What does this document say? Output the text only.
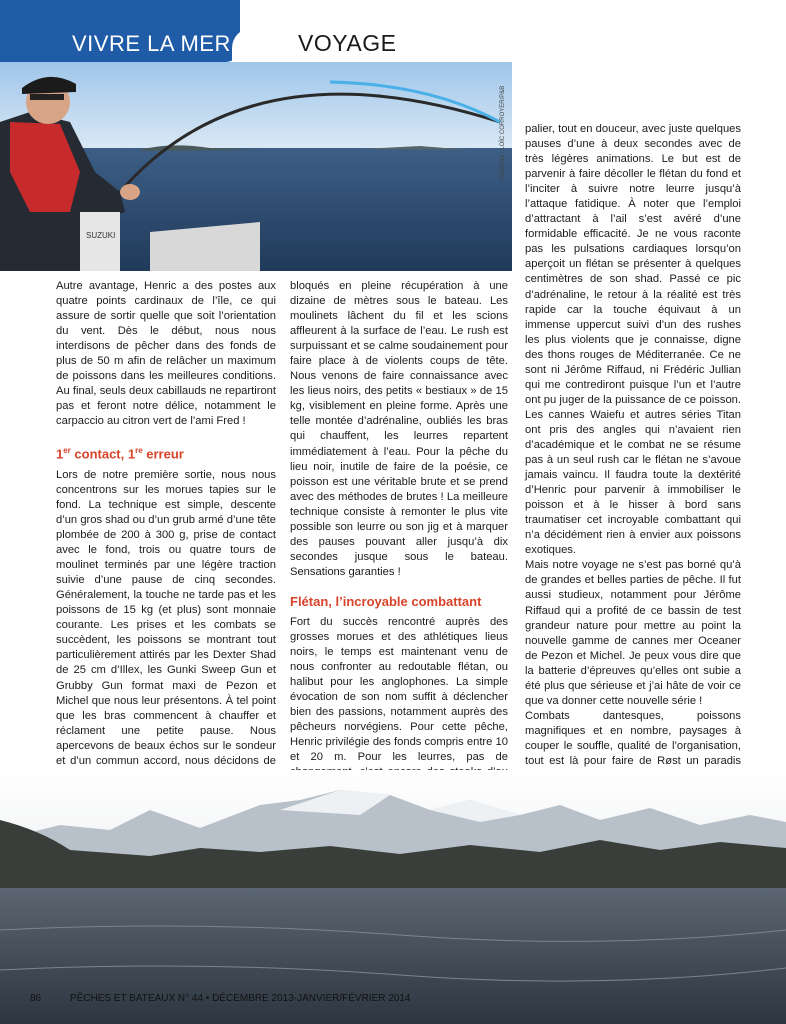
SUZUKI
PHOTOS : LOÏC CORROYER/P&B
VIVRE LA MER	VOYAGE

Autre avantage, Henric a des postes aux quatre points cardinaux de l’île, ce qui assure de sortir quelle que soit l’orientation du vent. Dès le début, nous nous interdisons de pêcher dans des fonds de plus de 50 m afin de relâcher un maximum de poissons dans les meilleures conditions. Au final, seuls deux cabillauds ne repartiront pas et feront notre délice, notamment le carpaccio au citron vert de l’ami Fred !

1er contact, 1re erreur

Lors de notre première sortie, nous nous concentrons sur les morues tapies sur le fond. La technique est simple, descente d’un gros shad ou d’un grub armé d’une tête plombée de 200 à 300 g, prise de contact avec le fond, trois ou quatre tours de moulinet terminés par une légère traction suivie d’une pause de cinq secondes. Généralement, la touche ne tarde pas et les poissons de 15 kg (et plus) sont monnaie courante. Les prises et les combats se succèdent, les poissons se montrant tout particulièrement attirés par les Dexter Shad de 25 cm d’Illex, les Gunki Sweep Gun et Grubby Gun format maxi de Pezon et Michel que nous leur présentons. À tel point que les bras commencent à chauffer et réclament une petite pause. Nous apercevons de beaux échos sur le sondeur et d’un commun accord, nous décidons de

bloqués en pleine récupération à une dizaine de mètres sous le bateau. Les moulinets lâchent du fil et les scions affleurent à la surface de l’eau. Le rush est surpuissant et se calme soudainement pour faire place à de violents coups de tête. Nous venons de faire connaissance avec les lieus noirs, des petits « bestiaux » de 15 kg, visiblement en pleine forme. Après une telle montée d’adrénaline, oubliés les bras qui chauffent, les leurres repartent immédiatement à l’eau. Pour la pêche du lieu noir, inutile de faire de la poésie, ce poisson est une véritable brute et se prend avec des méthodes de brutes ! La meilleure technique consiste à remonter le plus vite possible son leurre ou son jig et à marquer des pauses pouvant aller jusqu’à dix secondes jusque sous le bateau. Sensations garanties !

Flétan, l’incroyable combattant

Fort du succès rencontré auprès des grosses morues et des athlétiques lieus noirs, le temps est maintenant venu de nous confronter au redoutable flétan, ou halibut pour les anglophones. La simple évocation de son nom suffit à déclencher bien des passions, notamment auprès des pêcheurs norvégiens. Pour cette pêche, Henric privilégie des fonds compris entre 10 et 20 m. Pour les leurres, pas de

palier, tout en douceur, avec juste quelques pauses d’une à deux secondes avec de très légères animations. Le but est de parvenir à faire décoller le flétan du fond et l’inciter à suivre notre leurre jusqu’à l’attaque fatidique. À noter que l’emploi d’attractant à l’ail s’est avéré d’une formidable efficacité. Je ne vous raconte pas les pulsations cardiaques lorsqu’on aperçoit un flétan se présenter à quelques centimètres de son shad. Passé ce pic d’adrénaline, le retour à la réalité est très rapide car la touche équivaut à un immense uppercut suivi d’un des rushes les plus violents que je connaisse, digne des thons rouges de Méditerranée. Ce ne sont ni Jérôme Riffaud, ni Frédéric Jullian qui me contrediront puisque l’un et l’autre ont pu juger de la puissance de ce poisson. Les cannes Waiefu et autres séries Titan ont pris des angles qui n’avaient rien d’académique et le combat ne se résume pas à un seul rush car le flétan ne s’avoue jamais vaincu. Il faudra toute la dextérité d’Henric pour parvenir à immobiliser le poisson et à le hisser à bord sans traumatiser cet incroyable combattant qui n’a décidément rien à envier aux poissons exotiques.

Mais notre voyage ne s’est pas borné qu’à de grandes et belles parties de pêche. Il fut aussi studieux, notamment pour Jérôme Riffaud qui a profité de ce bassin de test grandeur nature pour mettre au point la nouvelle gamme de cannes mer Oceaner de Pezon et Michel. Je peux vous dire que la batterie d’épreuves qu’elles ont subie a été plus que sérieuse et j’ai hâte de voir ce que va donner cette nouvelle série !

Combats dantesques, poissons magnifiques et en nombre, paysages à couper le souffle, qualité de l’organisation, tout est là pour faire de Røst un paradis

86	PÊCHES ET BATEAUX N° 44 • DÉCEMBRE 2013-JANVIER/FÉVRIER 2014
